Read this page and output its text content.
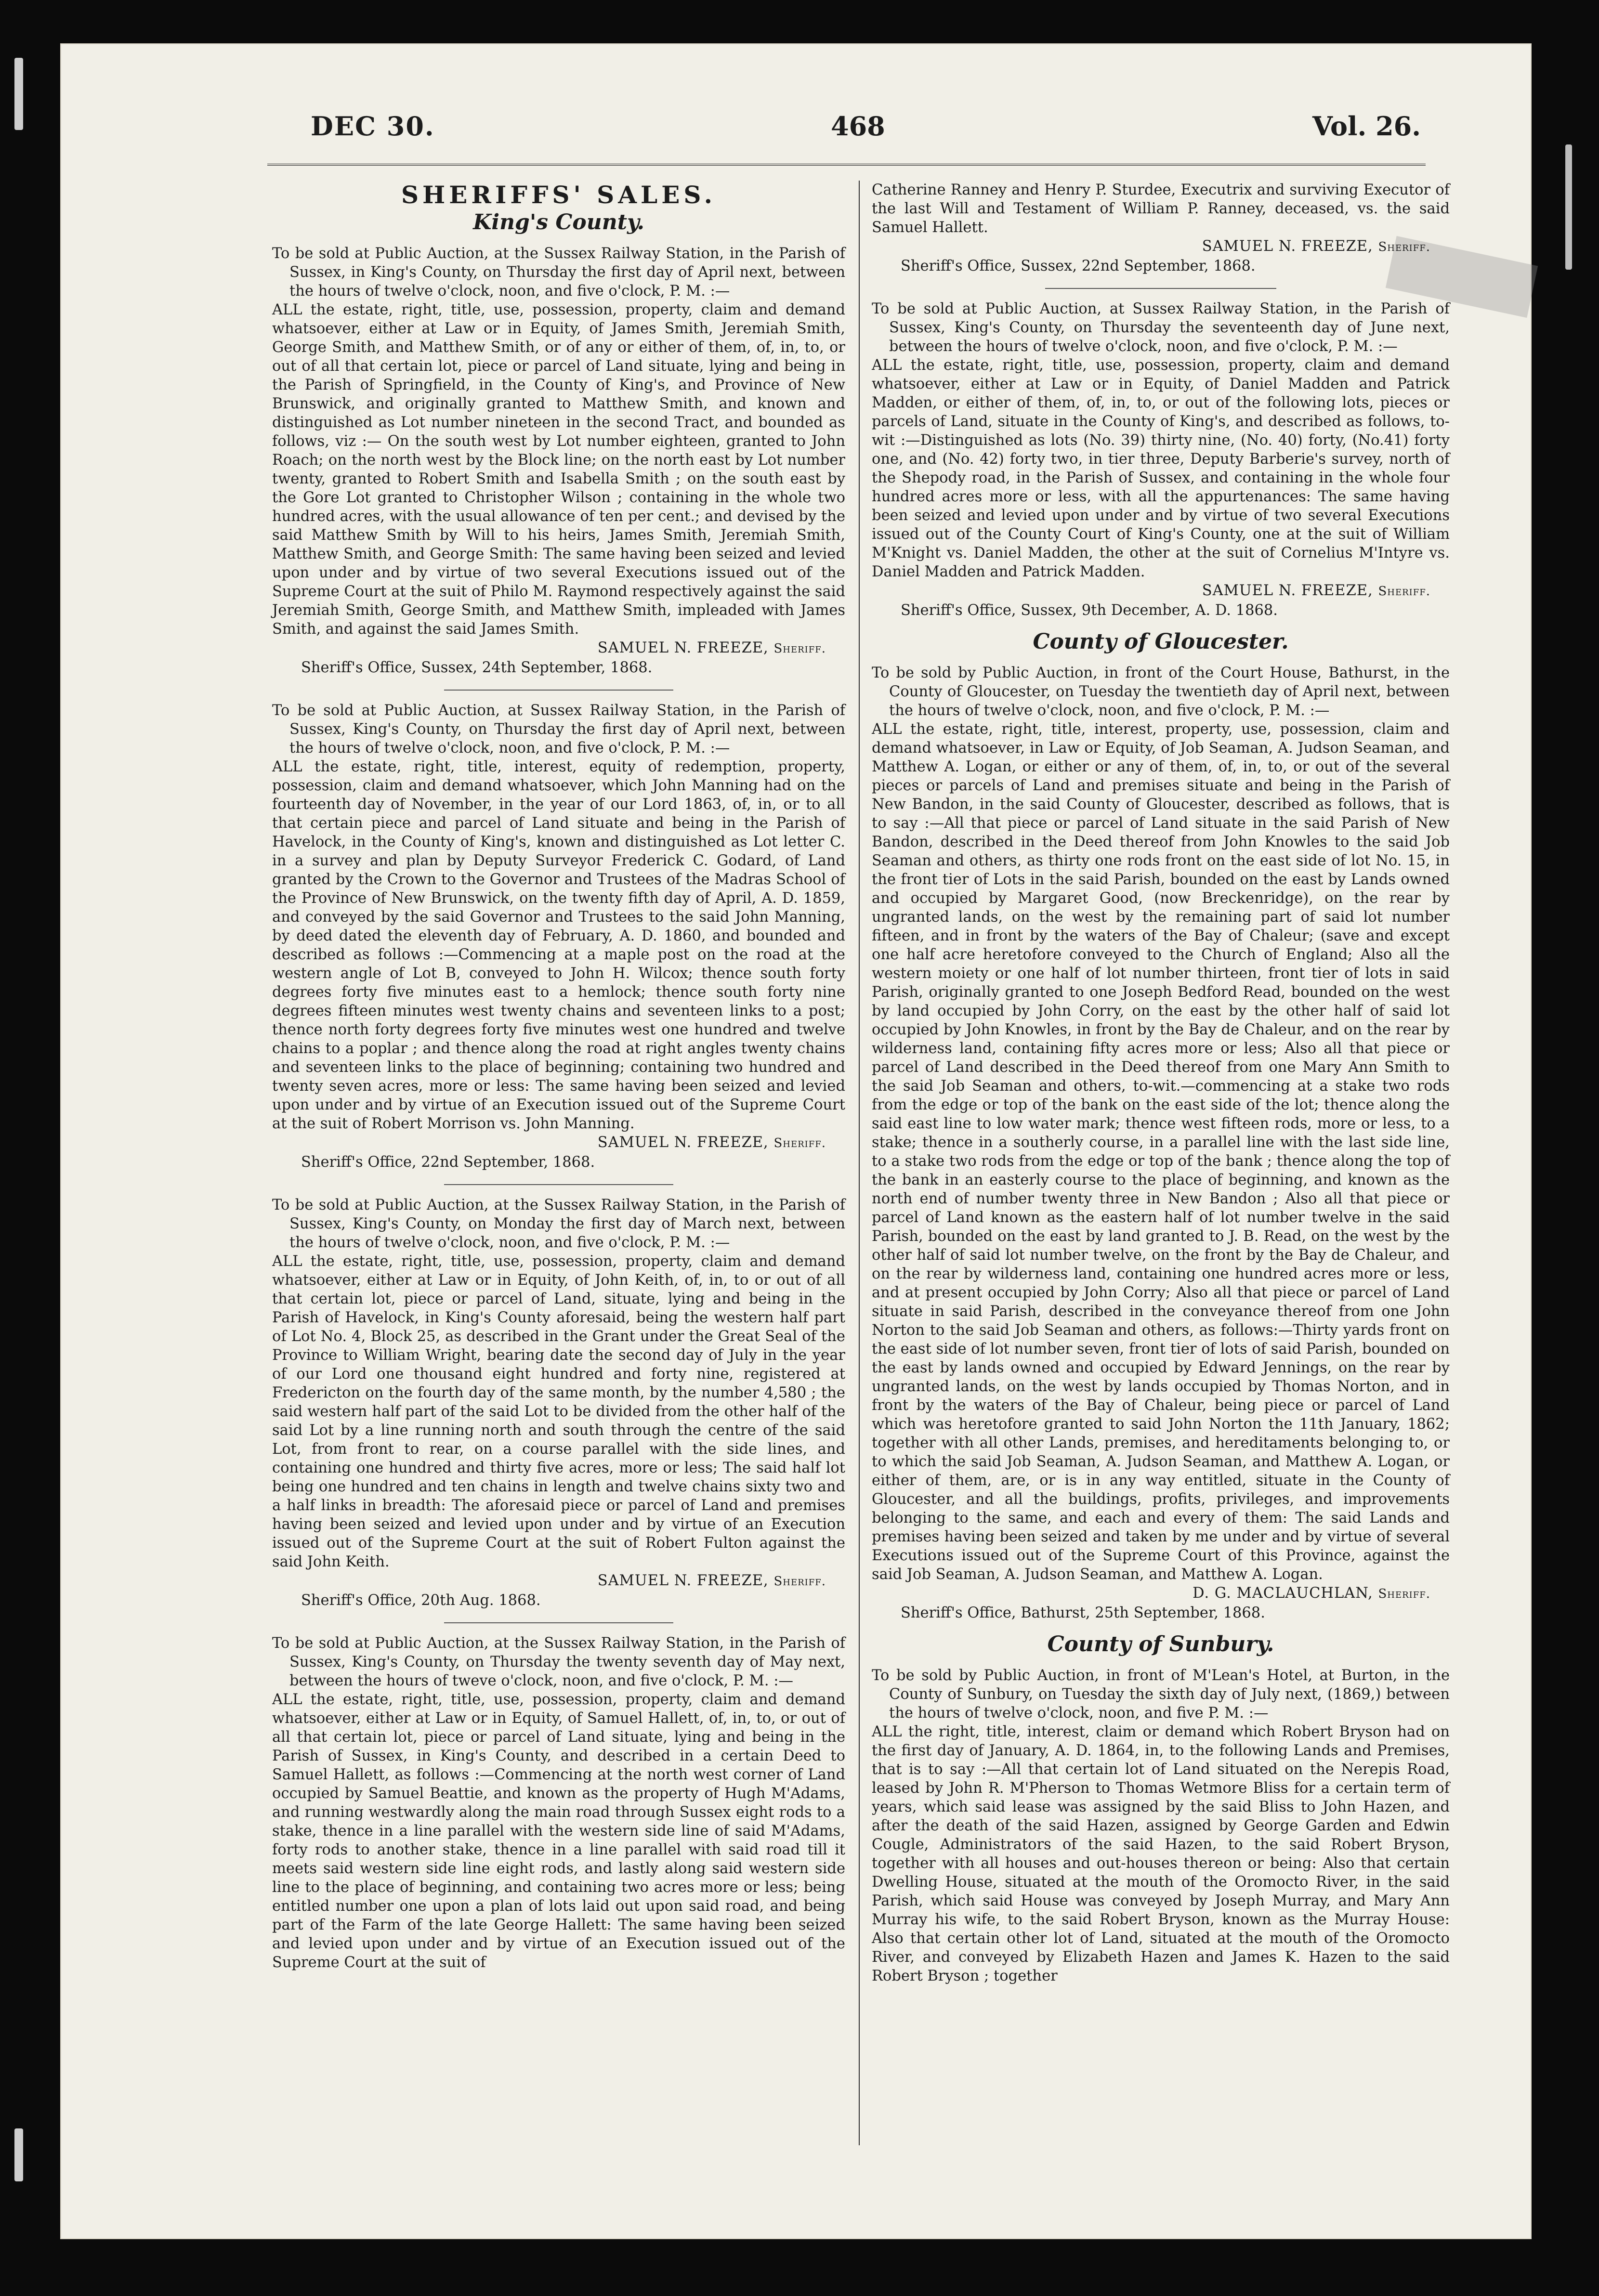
DEC 30.	468	Vol. 26.
SHERIFFS' SALES.
King's County.

To be sold at Public Auction, at the Sussex Railway Station, in the Parish of Sussex, in King's County, on Thursday the first day of April next, between the hours of twelve o'clock, noon, and five o'clock, P. M. :—

ALL the estate, right, title, use, possession, property, claim and demand whatsoever, either at Law or in Equity, of James Smith, Jeremiah Smith, George Smith, and Matthew Smith, or of any or either of them, of, in, to, or out of all that certain lot, piece or parcel of Land situate, lying and being in the Parish of Springfield, in the County of King's, and Province of New Brunswick, and originally granted to Matthew Smith, and known and distinguished as Lot number nineteen in the second Tract, and bounded as follows, viz :— On the south west by Lot number eighteen, granted to John Roach; on the north west by the Block line; on the north east by Lot number twenty, granted to Robert Smith and Isabella Smith ; on the south east by the Gore Lot granted to Christopher Wilson ; containing in the whole two hundred acres, with the usual allowance of ten per cent.; and devised by the said Matthew Smith by Will to his heirs, James Smith, Jeremiah Smith, Matthew Smith, and George Smith: The same having been seized and levied upon under and by virtue of two several Executions issued out of the Supreme Court at the suit of Philo M. Raymond respectively against the said Jeremiah Smith, George Smith, and Matthew Smith, impleaded with James Smith, and against the said James Smith.

SAMUEL N. FREEZE, Sheriff.

Sheriff's Office, Sussex, 24th September, 1868.

To be sold at Public Auction, at Sussex Railway Station, in the Parish of Sussex, King's County, on Thursday the first day of April next, between the hours of twelve o'clock, noon, and five o'clock, P. M. :—

ALL the estate, right, title, interest, equity of redemption, property, possession, claim and demand whatsoever, which John Manning had on the fourteenth day of November, in the year of our Lord 1863, of, in, or to all that certain piece and parcel of Land situate and being in the Parish of Havelock, in the County of King's, known and distinguished as Lot letter C. in a survey and plan by Deputy Surveyor Frederick C. Godard, of Land granted by the Crown to the Governor and Trustees of the Madras School of the Province of New Brunswick, on the twenty fifth day of April, A. D. 1859, and conveyed by the said Governor and Trustees to the said John Manning, by deed dated the eleventh day of February, A. D. 1860, and bounded and described as follows :—Commencing at a maple post on the road at the western angle of Lot B, conveyed to John H. Wilcox; thence south forty degrees forty five minutes east to a hemlock; thence south forty nine degrees fifteen minutes west twenty chains and seventeen links to a post; thence north forty degrees forty five minutes west one hundred and twelve chains to a poplar ; and thence along the road at right angles twenty chains and seventeen links to the place of beginning; containing two hundred and twenty seven acres, more or less: The same having been seized and levied upon under and by virtue of an Execution issued out of the Supreme Court at the suit of Robert Morrison vs. John Manning.

SAMUEL N. FREEZE, Sheriff.

Sheriff's Office, 22nd September, 1868.

To be sold at Public Auction, at the Sussex Railway Station, in the Parish of Sussex, King's County, on Monday the first day of March next, between the hours of twelve o'clock, noon, and five o'clock, P. M. :—

ALL the estate, right, title, use, possession, property, claim and demand whatsoever, either at Law or in Equity, of John Keith, of, in, to or out of all that certain lot, piece or parcel of Land, situate, lying and being in the Parish of Havelock, in King's County aforesaid, being the western half part of Lot No. 4, Block 25, as described in the Grant under the Great Seal of the Province to William Wright, bearing date the second day of July in the year of our Lord one thousand eight hundred and forty nine, registered at Fredericton on the fourth day of the same month, by the number 4,580 ; the said western half part of the said Lot to be divided from the other half of the said Lot by a line running north and south through the centre of the said Lot, from front to rear, on a course parallel with the side lines, and containing one hundred and thirty five acres, more or less; The said half lot being one hundred and ten chains in length and twelve chains sixty two and a half links in breadth: The aforesaid piece or parcel of Land and premises having been seized and levied upon under and by virtue of an Execution issued out of the Supreme Court at the suit of Robert Fulton against the said John Keith.

SAMUEL N. FREEZE, Sheriff.

Sheriff's Office, 20th Aug. 1868.

To be sold at Public Auction, at the Sussex Railway Station, in the Parish of Sussex, King's County, on Thursday the twenty seventh day of May next, between the hours of tweve o'clock, noon, and five o'clock, P. M. :—

ALL the estate, right, title, use, possession, property, claim and demand whatsoever, either at Law or in Equity, of Samuel Hallett, of, in, to, or out of all that certain lot, piece or parcel of Land situate, lying and being in the Parish of Sussex, in King's County, and described in a certain Deed to Samuel Hallett, as follows :—Commencing at the north west corner of Land occupied by Samuel Beattie, and known as the property of Hugh M'Adams, and running westwardly along the main road through Sussex eight rods to a stake, thence in a line parallel with the western side line of said M'Adams, forty rods to another stake, thence in a line parallel with said road till it meets said western side line eight rods, and lastly along said western side line to the place of beginning, and containing two acres more or less; being entitled number one upon a plan of lots laid out upon said road, and being part of the Farm of the late George Hallett: The same having been seized and levied upon under and by virtue of an Execution issued out of the Supreme Court at the suit of

Catherine Ranney and Henry P. Sturdee, Executrix and surviving Executor of the last Will and Testament of William P. Ranney, deceased, vs. the said Samuel Hallett.

SAMUEL N. FREEZE, Sheriff.

Sheriff's Office, Sussex, 22nd September, 1868.

To be sold at Public Auction, at Sussex Railway Station, in the Parish of Sussex, King's County, on Thursday the seventeenth day of June next, between the hours of twelve o'clock, noon, and five o'clock, P. M. :—

ALL the estate, right, title, use, possession, property, claim and demand whatsoever, either at Law or in Equity, of Daniel Madden and Patrick Madden, or either of them, of, in, to, or out of the following lots, pieces or parcels of Land, situate in the County of King's, and described as follows, to-wit :—Distinguished as lots (No. 39) thirty nine, (No. 40) forty, (No.41) forty one, and (No. 42) forty two, in tier three, Deputy Barberie's survey, north of the Shepody road, in the Parish of Sussex, and containing in the whole four hundred acres more or less, with all the appurtenances: The same having been seized and levied upon under and by virtue of two several Executions issued out of the County Court of King's County, one at the suit of William M'Knight vs. Daniel Madden, the other at the suit of Cornelius M'Intyre vs. Daniel Madden and Patrick Madden.

SAMUEL N. FREEZE, Sheriff.

Sheriff's Office, Sussex, 9th December, A. D. 1868.

County of Gloucester.

To be sold by Public Auction, in front of the Court House, Bathurst, in the County of Gloucester, on Tuesday the twentieth day of April next, between the hours of twelve o'clock, noon, and five o'clock, P. M. :—

ALL the estate, right, title, interest, property, use, possession, claim and demand whatsoever, in Law or Equity, of Job Seaman, A. Judson Seaman, and Matthew A. Logan, or either or any of them, of, in, to, or out of the several pieces or parcels of Land and premises situate and being in the Parish of New Bandon, in the said County of Gloucester, described as follows, that is to say :—All that piece or parcel of Land situate in the said Parish of New Bandon, described in the Deed thereof from John Knowles to the said Job Seaman and others, as thirty one rods front on the east side of lot No. 15, in the front tier of Lots in the said Parish, bounded on the east by Lands owned and occupied by Margaret Good, (now Breckenridge), on the rear by ungranted lands, on the west by the remaining part of said lot number fifteen, and in front by the waters of the Bay of Chaleur; (save and except one half acre heretofore conveyed to the Church of England; Also all the western moiety or one half of lot number thirteen, front tier of lots in said Parish, originally granted to one Joseph Bedford Read, bounded on the west by land occupied by John Corry, on the east by the other half of said lot occupied by John Knowles, in front by the Bay de Chaleur, and on the rear by wilderness land, containing fifty acres more or less; Also all that piece or parcel of Land described in the Deed thereof from one Mary Ann Smith to the said Job Seaman and others, to-wit.—commencing at a stake two rods from the edge or top of the bank on the east side of the lot; thence along the said east line to low water mark; thence west fifteen rods, more or less, to a stake; thence in a southerly course, in a parallel line with the last side line, to a stake two rods from the edge or top of the bank ; thence along the top of the bank in an easterly course to the place of beginning, and known as the north end of number twenty three in New Bandon ; Also all that piece or parcel of Land known as the eastern half of lot number twelve in the said Parish, bounded on the east by land granted to J. B. Read, on the west by the other half of said lot number twelve, on the front by the Bay de Chaleur, and on the rear by wilderness land, containing one hundred acres more or less, and at present occupied by John Corry; Also all that piece or parcel of Land situate in said Parish, described in the conveyance thereof from one John Norton to the said Job Seaman and others, as follows:—Thirty yards front on the east side of lot number seven, front tier of lots of said Parish, bounded on the east by lands owned and occupied by Edward Jennings, on the rear by ungranted lands, on the west by lands occupied by Thomas Norton, and in front by the waters of the Bay of Chaleur, being piece or parcel of Land which was heretofore granted to said John Norton the 11th January, 1862; together with all other Lands, premises, and hereditaments belonging to, or to which the said Job Seaman, A. Judson Seaman, and Matthew A. Logan, or either of them, are, or is in any way entitled, situate in the County of Gloucester, and all the buildings, profits, privileges, and improvements belonging to the same, and each and every of them: The said Lands and premises having been seized and taken by me under and by virtue of several Executions issued out of the Supreme Court of this Province, against the said Job Seaman, A. Judson Seaman, and Matthew A. Logan.

D. G. MACLAUCHLAN, Sheriff.

Sheriff's Office, Bathurst, 25th September, 1868.

County of Sunbury.

To be sold by Public Auction, in front of M'Lean's Hotel, at Burton, in the County of Sunbury, on Tuesday the sixth day of July next, (1869,) between the hours of twelve o'clock, noon, and five P. M. :—

ALL the right, title, interest, claim or demand which Robert Bryson had on the first day of January, A. D. 1864, in, to the following Lands and Premises, that is to say :—All that certain lot of Land situated on the Nerepis Road, leased by John R. M'Pherson to Thomas Wetmore Bliss for a certain term of years, which said lease was assigned by the said Bliss to John Hazen, and after the death of the said Hazen, assigned by George Garden and Edwin Cougle, Administrators of the said Hazen, to the said Robert Bryson, together with all houses and out-houses thereon or being: Also that certain Dwelling House, situated at the mouth of the Oromocto River, in the said Parish, which said House was conveyed by Joseph Murray, and Mary Ann Murray his wife, to the said Robert Bryson, known as the Murray House: Also that certain other lot of Land, situated at the mouth of the Oromocto River, and conveyed by Elizabeth Hazen and James K. Hazen to the said Robert Bryson ; together
